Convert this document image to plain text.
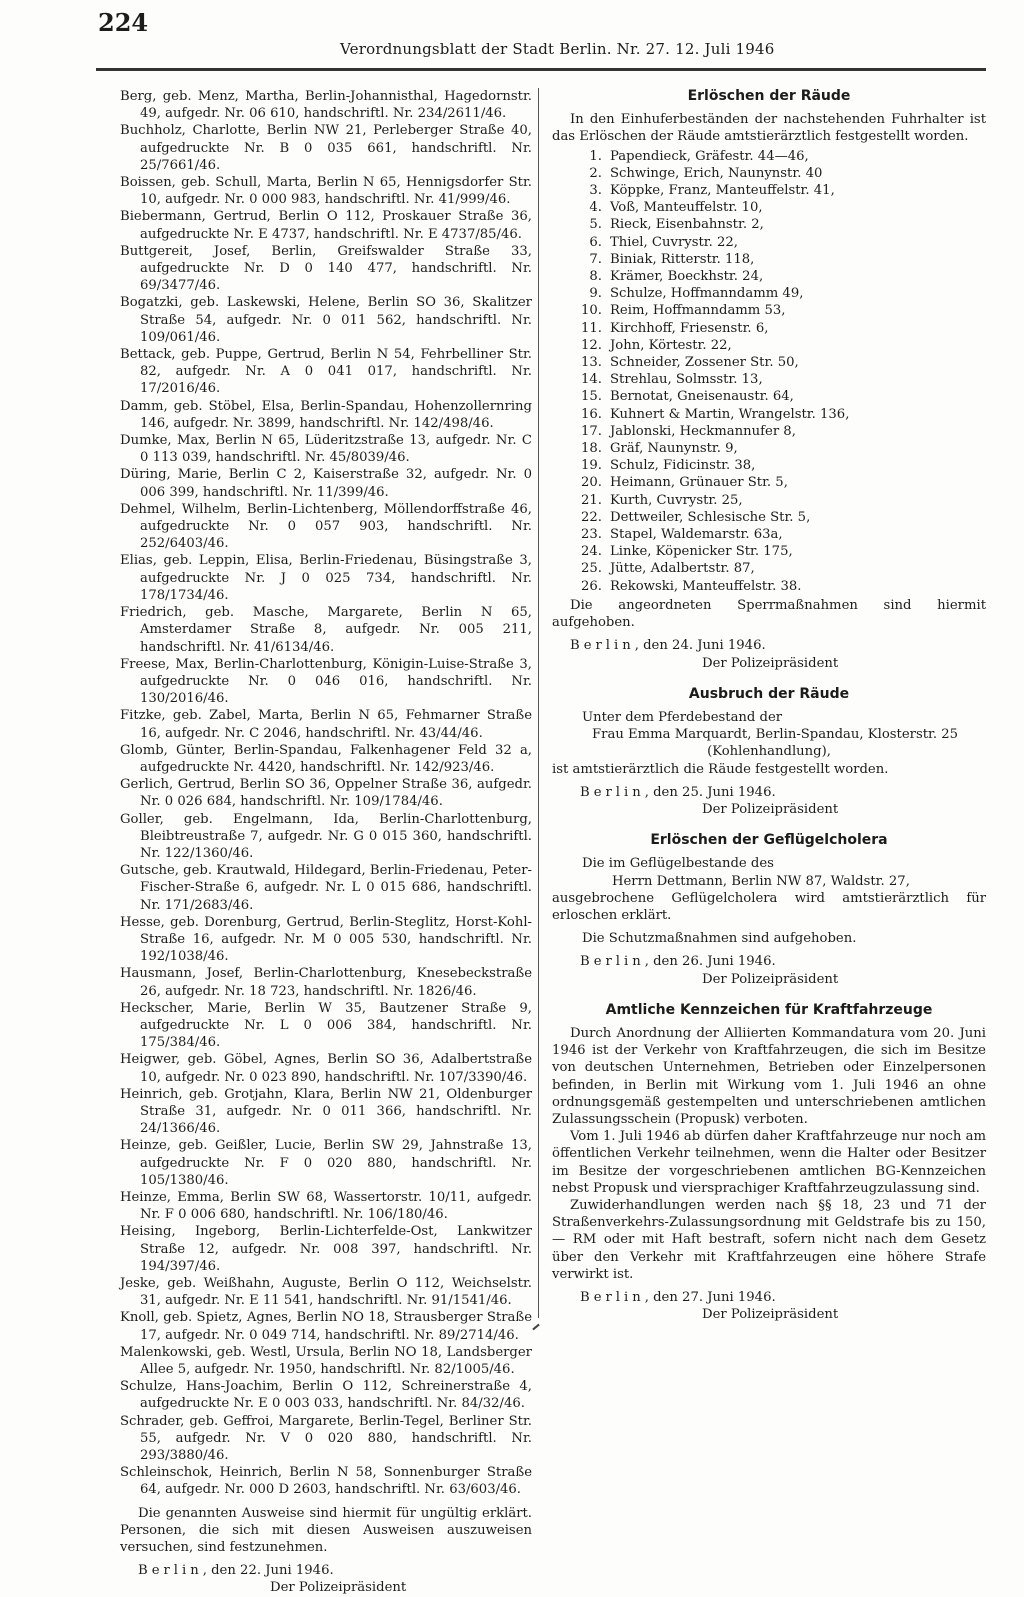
224
Verordnungsblatt der Stadt Berlin. Nr. 27. 12. Juli 1946
Berg, geb. Menz, Martha, Berlin-Johannisthal, Hagedornstr. 49, aufgedr. Nr. 06 610, handschriftl. Nr. 234/2611/46.
Buchholz, Charlotte, Berlin NW 21, Perleberger Straße 40, aufgedruckte Nr. B 0 035 661, handschriftl. Nr. 25/7661/46.
Boissen, geb. Schull, Marta, Berlin N 65, Hennigsdorfer Str. 10, aufgedr. Nr. 0 000 983, handschriftl. Nr. 41/999/46.
Biebermann, Gertrud, Berlin O 112, Proskauer Straße 36, aufgedruckte Nr. E 4737, handschriftl. Nr. E 4737/85/46.
Buttgereit, Josef, Berlin, Greifswalder Straße 33, aufgedruckte Nr. D 0 140 477, handschriftl. Nr. 69/3477/46.
Bogatzki, geb. Laskewski, Helene, Berlin SO 36, Skalitzer Straße 54, aufgedr. Nr. 0 011 562, handschriftl. Nr. 109/061/46.
Bettack, geb. Puppe, Gertrud, Berlin N 54, Fehrbelliner Str. 82, aufgedr. Nr. A 0 041 017, handschriftl. Nr. 17/2016/46.
Damm, geb. Stöbel, Elsa, Berlin-Spandau, Hohenzollernring 146, aufgedr. Nr. 3899, handschriftl. Nr. 142/498/46.
Dumke, Max, Berlin N 65, Lüderitzstraße 13, aufgedr. Nr. C 0 113 039, handschriftl. Nr. 45/8039/46.
Düring, Marie, Berlin C 2, Kaiserstraße 32, aufgedr. Nr. 0 006 399, handschriftl. Nr. 11/399/46.
Dehmel, Wilhelm, Berlin-Lichtenberg, Möllendorffstraße 46, aufgedruckte Nr. 0 057 903, handschriftl. Nr. 252/6403/46.
Elias, geb. Leppin, Elisa, Berlin-Friedenau, Büsingstraße 3, aufgedruckte Nr. J 0 025 734, handschriftl. Nr. 178/1734/46.
Friedrich, geb. Masche, Margarete, Berlin N 65, Amsterdamer Straße 8, aufgedr. Nr. 005 211, handschriftl. Nr. 41/6134/46.
Freese, Max, Berlin-Charlottenburg, Königin-Luise-Straße 3, aufgedruckte Nr. 0 046 016, handschriftl. Nr. 130/2016/46.
Fitzke, geb. Zabel, Marta, Berlin N 65, Fehmarner Straße 16, aufgedr. Nr. C 2046, handschriftl. Nr. 43/44/46.
Glomb, Günter, Berlin-Spandau, Falkenhagener Feld 32 a, aufgedruckte Nr. 4420, handschriftl. Nr. 142/923/46.
Gerlich, Gertrud, Berlin SO 36, Oppelner Straße 36, aufgedr. Nr. 0 026 684, handschriftl. Nr. 109/1784/46.
Goller, geb. Engelmann, Ida, Berlin-Charlottenburg, Bleibtreustraße 7, aufgedr. Nr. G 0 015 360, handschriftl. Nr. 122/1360/46.
Gutsche, geb. Krautwald, Hildegard, Berlin-Friedenau, Peter-Fischer-Straße 6, aufgedr. Nr. L 0 015 686, handschriftl. Nr. 171/2683/46.
Hesse, geb. Dorenburg, Gertrud, Berlin-Steglitz, Horst-Kohl-Straße 16, aufgedr. Nr. M 0 005 530, handschriftl. Nr. 192/1038/46.
Hausmann, Josef, Berlin-Charlottenburg, Knesebeckstraße 26, aufgedr. Nr. 18 723, handschriftl. Nr. 1826/46.
Heckscher, Marie, Berlin W 35, Bautzener Straße 9, aufgedruckte Nr. L 0 006 384, handschriftl. Nr. 175/384/46.
Heigwer, geb. Göbel, Agnes, Berlin SO 36, Adalbertstraße 10, aufgedr. Nr. 0 023 890, handschriftl. Nr. 107/3390/46.
Heinrich, geb. Grotjahn, Klara, Berlin NW 21, Oldenburger Straße 31, aufgedr. Nr. 0 011 366, handschriftl. Nr. 24/1366/46.
Heinze, geb. Geißler, Lucie, Berlin SW 29, Jahnstraße 13, aufgedruckte Nr. F 0 020 880, handschriftl. Nr. 105/1380/46.
Heinze, Emma, Berlin SW 68, Wassertorstr. 10/11, aufgedr. Nr. F 0 006 680, handschriftl. Nr. 106/180/46.
Heising, Ingeborg, Berlin-Lichterfelde-Ost, Lankwitzer Straße 12, aufgedr. Nr. 008 397, handschriftl. Nr. 194/397/46.
Jeske, geb. Weißhahn, Auguste, Berlin O 112, Weichselstr. 31, aufgedr. Nr. E 11 541, handschriftl. Nr. 91/1541/46.
Knoll, geb. Spietz, Agnes, Berlin NO 18, Strausberger Straße 17, aufgedr. Nr. 0 049 714, handschriftl. Nr. 89/2714/46.
Malenkowski, geb. Westl, Ursula, Berlin NO 18, Landsberger Allee 5, aufgedr. Nr. 1950, handschriftl. Nr. 82/1005/46.
Schulze, Hans-Joachim, Berlin O 112, Schreinerstraße 4, aufgedruckte Nr. E 0 003 033, handschriftl. Nr. 84/32/46.
Schrader, geb. Geffroi, Margarete, Berlin-Tegel, Berliner Str. 55, aufgedr. Nr. V 0 020 880, handschriftl. Nr. 293/3880/46.
Schleinschok, Heinrich, Berlin N 58, Sonnenburger Straße 64, aufgedr. Nr. 000 D 2603, handschriftl. Nr. 63/603/46.
Die genannten Ausweise sind hiermit für ungültig erklärt. Personen, die sich mit diesen Ausweisen auszuweisen versuchen, sind festzunehmen.
Berlin, den 22. Juni 1946.
Der Polizeipräsident
Erlöschen der Räude
In den Einhuferbeständen der nachstehenden Fuhrhalter ist das Erlöschen der Räude amtstierärztlich festgestellt worden.
1. Papendieck, Gräfestr. 44—46,
2. Schwinge, Erich, Naunynstr. 40
3. Köppke, Franz, Manteuffelstr. 41,
4. Voß, Manteuffelstr. 10,
5. Rieck, Eisenbahnstr. 2,
6. Thiel, Cuvrystr. 22,
7. Biniak, Ritterstr. 118,
8. Krämer, Boeckhstr. 24,
9. Schulze, Hoffmanndamm 49,
10. Reim, Hoffmanndamm 53,
11. Kirchhoff, Friesenstr. 6,
12. John, Körtestr. 22,
13. Schneider, Zossener Str. 50,
14. Strehlau, Solmsstr. 13,
15. Bernotat, Gneisenaustr. 64,
16. Kuhnert & Martin, Wrangelstr. 136,
17. Jablonski, Heckmannufer 8,
18. Gräf, Naunynstr. 9,
19. Schulz, Fidicinstr. 38,
20. Heimann, Grünauer Str. 5,
21. Kurth, Cuvrystr. 25,
22. Dettweiler, Schlesische Str. 5,
23. Stapel, Waldemarstr. 63a,
24. Linke, Köpenicker Str. 175,
25. Jütte, Adalbertstr. 87,
26. Rekowski, Manteuffelstr. 38.
Die angeordneten Sperrmaßnahmen sind hiermit aufgehoben.
Berlin, den 24. Juni 1946.
Der Polizeipräsident
Ausbruch der Räude
Unter dem Pferdebestand der
Frau Emma Marquardt, Berlin-Spandau, Klosterstr. 25
(Kohlenhandlung),
ist amtstierärztlich die Räude festgestellt worden.
Berlin, den 25. Juni 1946.
Der Polizeipräsident
Erlöschen der Geflügelcholera
Die im Geflügelbestande des
Herrn Dettmann, Berlin NW 87, Waldstr. 27,
ausgebrochene Geflügelcholera wird amtstierärztlich für erloschen erklärt.
Die Schutzmaßnahmen sind aufgehoben.
Berlin, den 26. Juni 1946.
Der Polizeipräsident
Amtliche Kennzeichen für Kraftfahrzeuge
Durch Anordnung der Alliierten Kommandatura vom 20. Juni 1946 ist der Verkehr von Kraftfahrzeugen, die sich im Besitze von deutschen Unternehmen, Betrieben oder Einzelpersonen befinden, in Berlin mit Wirkung vom 1. Juli 1946 an ohne ordnungsgemäß gestempelten und unterschriebenen amtlichen Zulassungsschein (Propusk) verboten.
Vom 1. Juli 1946 ab dürfen daher Kraftfahrzeuge nur noch am öffentlichen Verkehr teilnehmen, wenn die Halter oder Besitzer im Besitze der vorgeschriebenen amtlichen BG-Kennzeichen nebst Propusk und viersprachiger Kraftfahrzeugzulassung sind.
Zuwiderhandlungen werden nach §§ 18, 23 und 71 der Straßenverkehrs-Zulassungsordnung mit Geldstrafe bis zu 150,— RM oder mit Haft bestraft, sofern nicht nach dem Gesetz über den Verkehr mit Kraftfahrzeugen eine höhere Strafe verwirkt ist.
Berlin, den 27. Juni 1946.
Der Polizeipräsident
